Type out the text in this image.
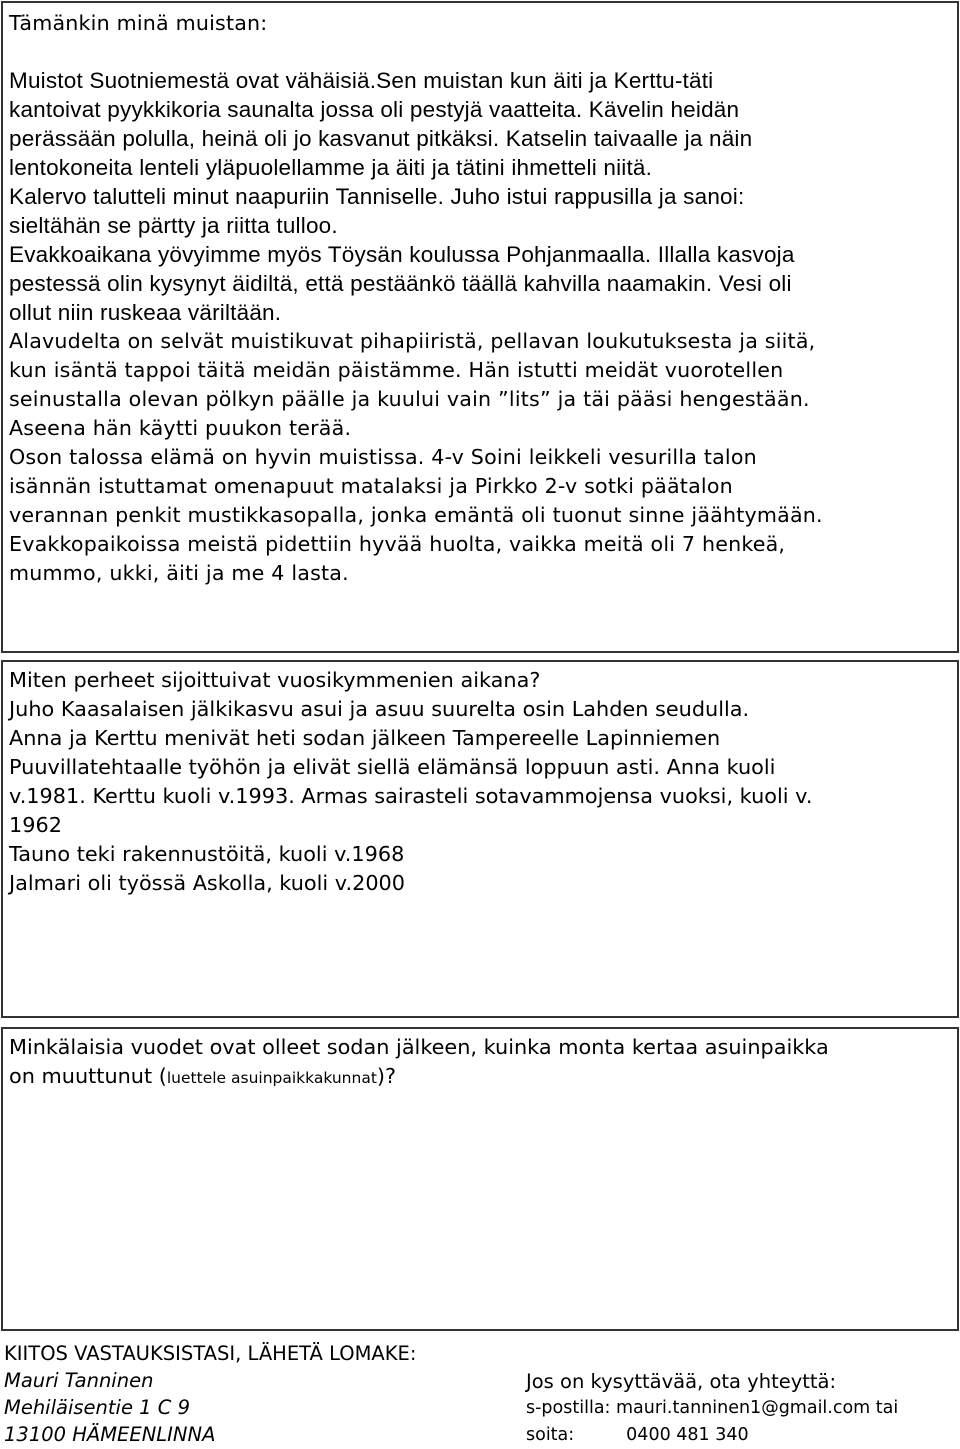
Tämänkin minä muistan:
Muistot Suotniemestä ovat vähäisiä.Sen muistan kun äiti ja Kerttu-täti
kantoivat pyykkikoria saunalta jossa oli pestyjä vaatteita. Kävelin heidän
perässään polulla, heinä oli jo kasvanut pitkäksi. Katselin taivaalle ja näin
lentokoneita lenteli yläpuolellamme ja äiti ja tätini ihmetteli niitä.
Kalervo talutteli minut naapuriin Tanniselle. Juho istui rappusilla ja sanoi:
sieltähän se pärtty ja riitta tulloo.
Evakkoaikana yövyimme myös Töysän koulussa Pohjanmaalla. Illalla kasvoja
pestessä olin kysynyt äidiltä, että pestäänkö täällä kahvilla naamakin. Vesi oli
ollut niin ruskeaa väriltään.
Alavudelta on selvät muistikuvat pihapiiristä, pellavan loukutuksesta ja siitä,
kun isäntä tappoi täitä meidän päistämme. Hän istutti meidät vuorotellen
seinustalla olevan pölkyn päälle ja kuului vain ”lits” ja täi pääsi hengestään.
Aseena hän käytti puukon terää.
Oson talossa elämä on hyvin muistissa. 4-v Soini leikkeli vesurilla talon
isännän istuttamat omenapuut matalaksi ja Pirkko 2-v sotki päätalon
verannan penkit mustikkasopalla, jonka emäntä oli tuonut sinne jäähtymään.
Evakkopaikoissa meistä pidettiin hyvää huolta, vaikka meitä oli 7 henkeä,
mummo, ukki, äiti ja me 4 lasta.
Miten perheet sijoittuivat vuosikymmenien aikana?
Juho Kaasalaisen jälkikasvu asui ja asuu suurelta osin Lahden seudulla.
Anna ja Kerttu menivät heti sodan jälkeen Tampereelle Lapinniemen
Puuvillatehtaalle työhön ja elivät siellä elämänsä loppuun asti. Anna kuoli
v.1981. Kerttu kuoli v.1993. Armas sairasteli sotavammojensa vuoksi, kuoli v.
1962
Tauno teki rakennustöitä, kuoli v.1968
Jalmari oli työssä Askolla, kuoli v.2000
Minkälaisia vuodet ovat olleet sodan jälkeen, kuinka monta kertaa asuinpaikka
on muuttunut (luettele asuinpaikkakunnat)?
KIITOS VASTAUKSISTASI, LÄHETÄ LOMAKE:
Mauri Tanninen
Mehiläisentie 1 C 9
13100 HÄMEENLINNA
Jos on kysyttävää, ota yhteyttä:
s-postilla: mauri.tanninen1@gmail.com tai
soita:	0400 481 340
